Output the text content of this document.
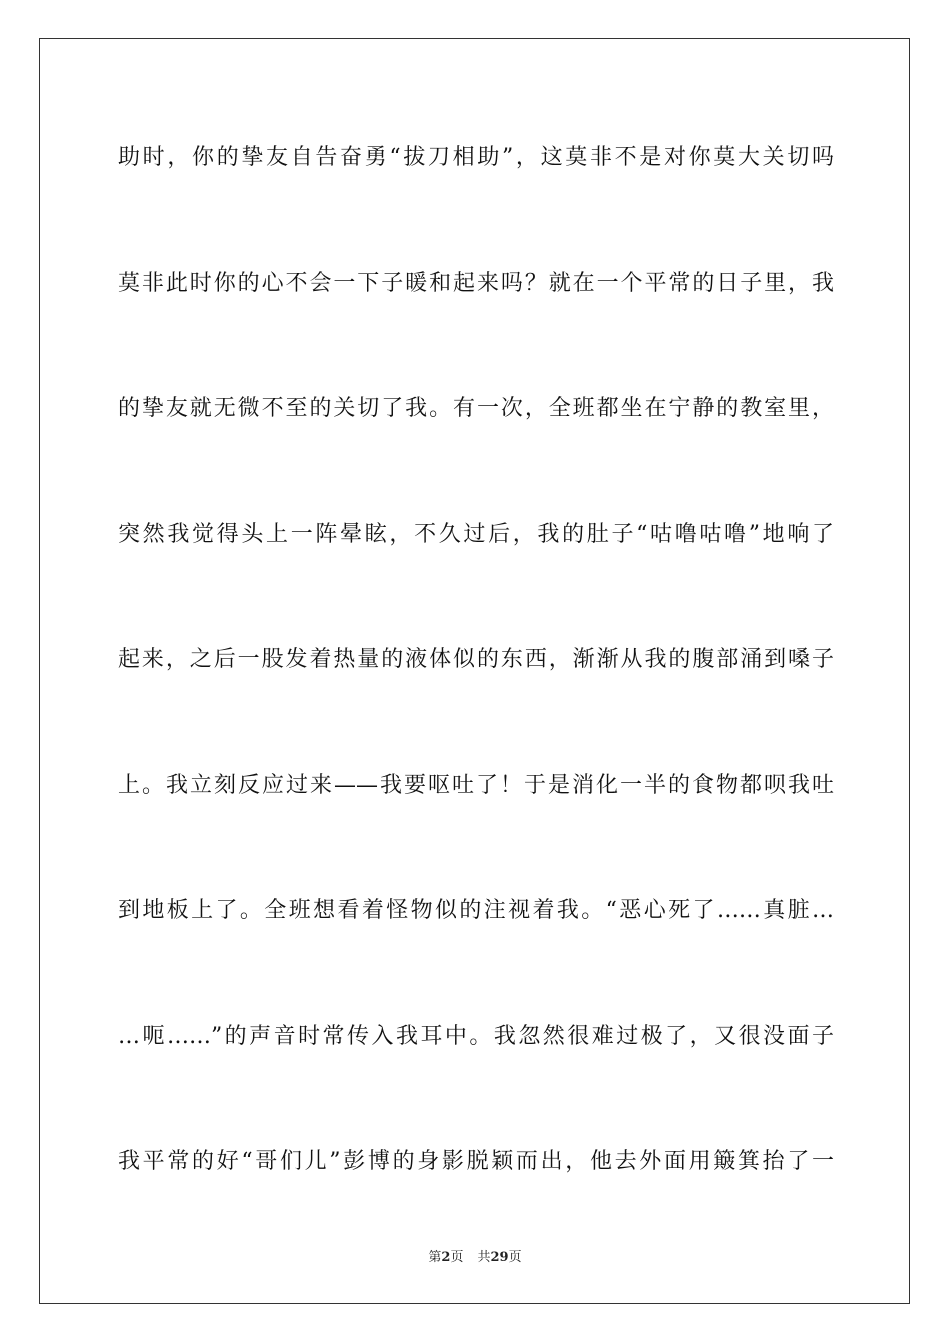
助时，你的挚友自告奋勇“拔刀相助”，这莫非不是对你莫大关切吗
莫非此时你的心不会一下子暖和起来吗？就在一个平常的日子里，我
的挚友就无微不至的关切了我。有一次，全班都坐在宁静的教室里，
突然我觉得头上一阵晕眩，不久过后，我的肚子“咕噜咕噜”地响了
起来，之后一股发着热量的液体似的东西，渐渐从我的腹部涌到嗓子
上。我立刻反应过来——我要呕吐了！于是消化一半的食物都呗我吐
到地板上了。全班想看着怪物似的注视着我。“恶心死了……真脏…
…呃……”的声音时常传入我耳中。我忽然很难过极了，又很没面子
我平常的好“哥们儿”彭博的身影脱颖而出，他去外面用簸箕抬了一
第2页 共29页
